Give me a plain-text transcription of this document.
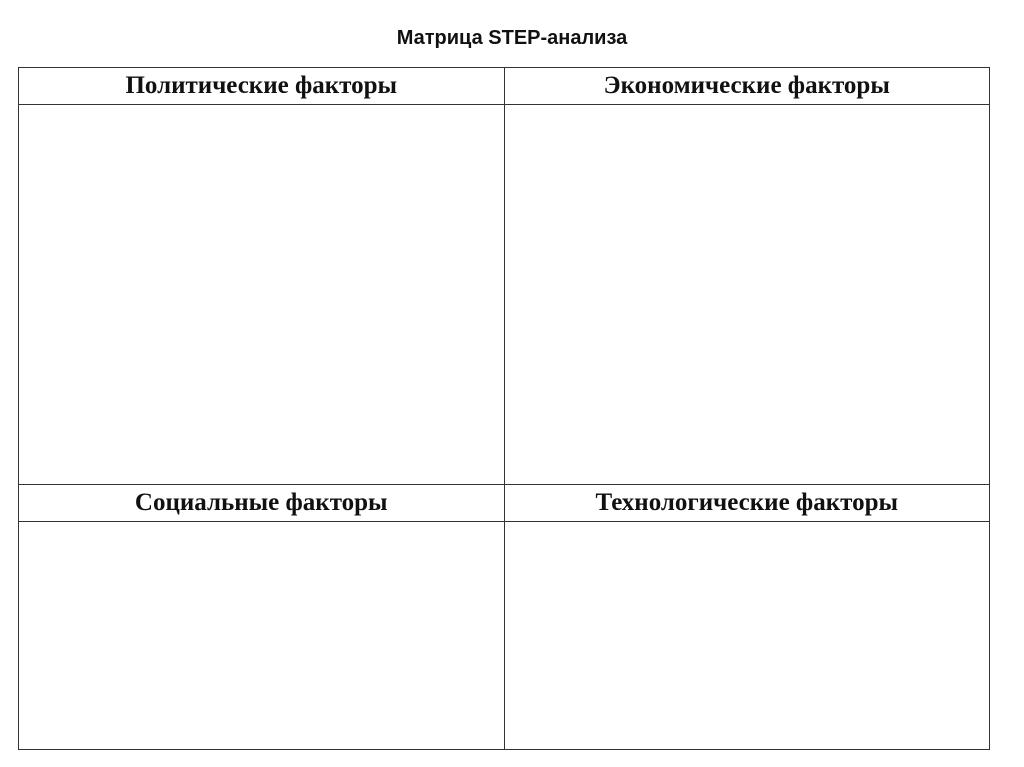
Матрица STEP-анализа
Политические факторы	Экономические факторы

Социальные факторы	Технологические факторы
